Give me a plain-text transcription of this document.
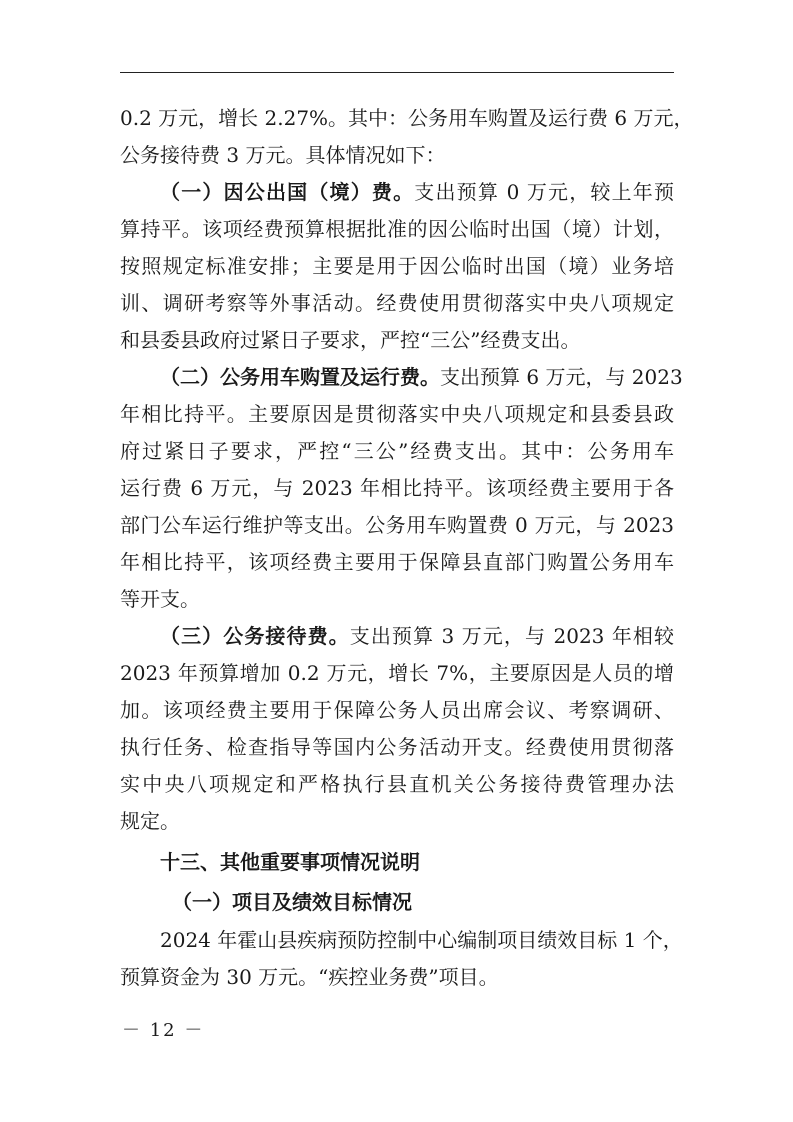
0.2 万元，增长 2.27%。其中：公务用车购置及运行费 6 万元，
公务接待费 3 万元。具体情况如下：

（一）因公出国（境）费。支出预算 0 万元，较上年预
算持平。该项经费预算根据批准的因公临时出国（境）计划，
按照规定标准安排；主要是用于因公临时出国（境）业务培
训、调研考察等外事活动。经费使用贯彻落实中央八项规定
和县委县政府过紧日子要求，严控“三公”经费支出。

（二）公务用车购置及运行费。支出预算 6 万元，与 2023
年相比持平。主要原因是贯彻落实中央八项规定和县委县政
府过紧日子要求，严控“三公”经费支出。其中：公务用车
运行费 6 万元，与 2023 年相比持平。该项经费主要用于各
部门公车运行维护等支出。公务用车购置费 0 万元，与 2023
年相比持平，该项经费主要用于保障县直部门购置公务用车
等开支。

（三）公务接待费。支出预算 3 万元，与 2023 年相较
2023 年预算增加 0.2 万元，增长 7%，主要原因是人员的增
加。该项经费主要用于保障公务人员出席会议、考察调研、
执行任务、检查指导等国内公务活动开支。经费使用贯彻落
实中央八项规定和严格执行县直机关公务接待费管理办法
规定。

十三、其他重要事项情况说明
（一）项目及绩效目标情况

2024 年霍山县疾病预防控制中心编制项目绩效目标 1 个，
预算资金为 30 万元。“疾控业务费”项目。

－ 12 －
